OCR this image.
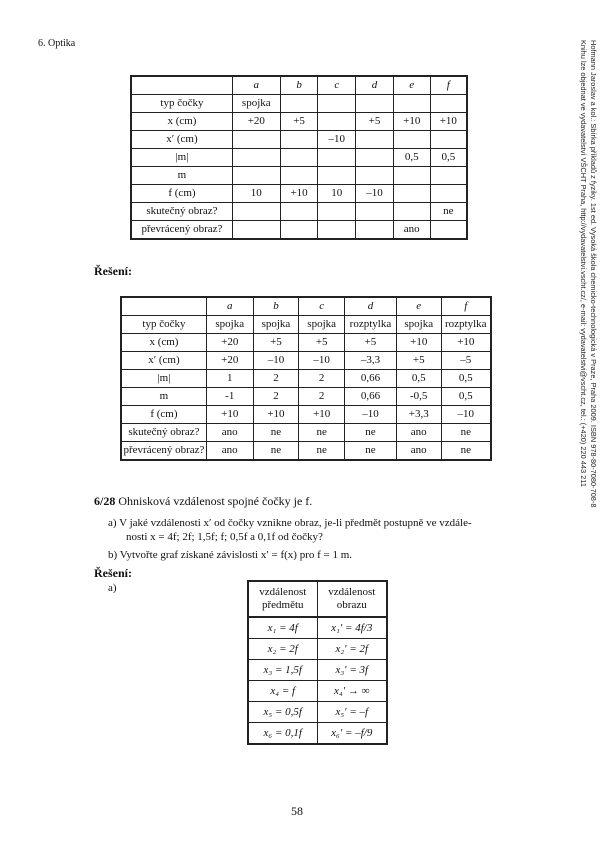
6. Optika	Hofmann Jaroslav a kol.: Sbírka příkladů z fyziky. 1st ed. Vysoká škola chemicko-technologická v Praze, Praha 2009. ISBN 978-80-7080-708-8
Knihu lze objednat ve vydavatelství VŠCHT Praha, http://vydavatelstvi.vscht.cz/, e-mail: vydavatelstvi@vscht.cz, tel.: (+420) 220 443 211
	a	b	c	d	e	f
typ čočky	spojka					
x (cm)	+20	+5		+5	+10	+10
x′ (cm)			–10			
|m|					0,5	0,5
m						
f (cm)	10	+10	10	–10		
skutečný obraz?						ne
převrácený obraz?					ano	
Řešení:
	a	b	c	d	e	f
typ čočky	spojka	spojka	spojka	rozptylka	spojka	rozptylka
x (cm)	+20	+5	+5	+5	+10	+10
x′ (cm)	+20	–10	–10	–3,3	+5	–5
|m|	1	2	2	0,66	0,5	0,5
m	-1	2	2	0,66	-0,5	0,5
f (cm)	+10	+10	+10	–10	+3,3	–10
skutečný obraz?	ano	ne	ne	ne	ano	ne
převrácený obraz?	ano	ne	ne	ne	ano	ne
6/28 Ohnisková vzdálenost spojné čočky je f.
a) V jaké vzdálenosti x′ od čočky vznikne obraz, je-li předmět postupně ve vzdále-
nosti x = 4f; 2f; 1,5f; f; 0,5f a 0,1f od čočky?
b) Vytvořte graf získané závislosti x′ = f(x) pro f = 1 m.
Řešení:
a)	vzdálenost předmětu	vzdálenost obrazu
x₁ = 4f	x₁′ = 4f/3
x₂ = 2f	x₂′ = 2f
x₃ = 1,5f	x₃′ = 3f
x₄ = f	x₄′ → ∞
x₅ = 0,5f	x₅′ = –f
x₆ = 0,1f	x₆′ = –f/9
58
